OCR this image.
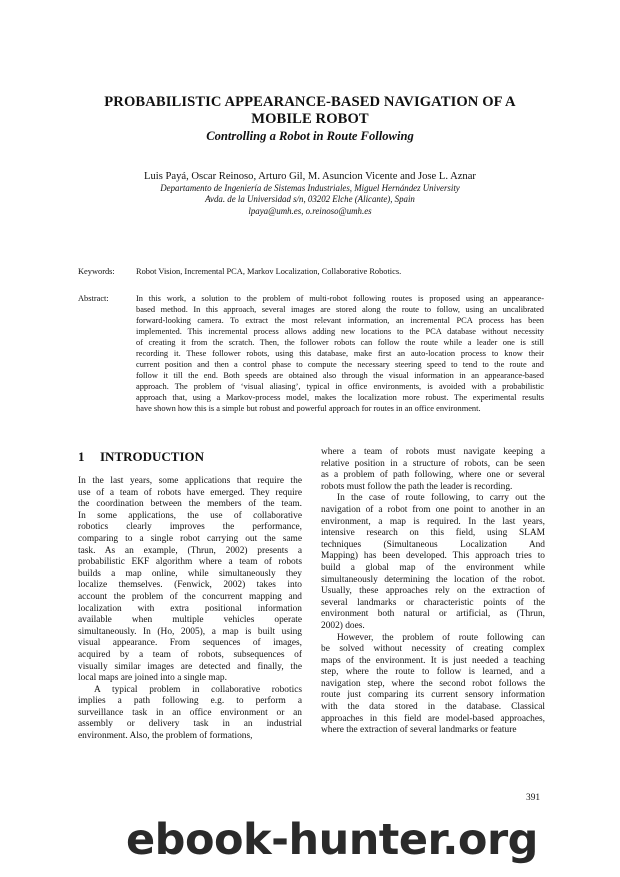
PROBABILISTIC APPEARANCE-BASED NAVIGATION OF A
MOBILE ROBOT
Controlling a Robot in Route Following
Luis Payá, Oscar Reinoso, Arturo Gil, M. Asuncion Vicente and Jose L. Aznar
Departamento de Ingeniería de Sistemas Industriales, Miguel Hernández University
Avda. de la Universidad s/n, 03202 Elche (Alicante), Spain
lpaya@umh.es, o.reinoso@umh.es
Keywords:	Robot Vision, Incremental PCA, Markov Localization, Collaborative Robotics.
Abstract:	In this work, a solution to the problem of multi-robot following routes is proposed using an appearance-
based method. In this approach, several images are stored along the route to follow, using an uncalibrated
forward-looking camera. To extract the most relevant information, an incremental PCA process has been
implemented. This incremental process allows adding new locations to the PCA database without necessity
of creating it from the scratch. Then, the follower robots can follow the route while a leader one is still
recording it. These follower robots, using this database, make first an auto-location process to know their
current position and then a control phase to compute the necessary steering speed to tend to the route and
follow it till the end. Both speeds are obtained also through the visual information in an appearance-based
approach. The problem of ‘visual aliasing’, typical in office environments, is avoided with a probabilistic
approach that, using a Markov-process model, makes the localization more robust. The experimental results
have shown how this is a simple but robust and powerful approach for routes in an office environment.
1 INTRODUCTION

In the last years, some applications that require the
use of a team of robots have emerged. They require
the coordination between the members of the team.
In some applications, the use of collaborative
robotics clearly improves the performance,
comparing to a single robot carrying out the same
task. As an example, (Thrun, 2002) presents a
probabilistic EKF algorithm where a team of robots
builds a map online, while simultaneously they
localize themselves. (Fenwick, 2002) takes into
account the problem of the concurrent mapping and
localization with extra positional information
available when multiple vehicles operate
simultaneously. In (Ho, 2005), a map is built using
visual appearance. From sequences of images,
acquired by a team of robots, subsequences of
visually similar images are detected and finally, the
local maps are joined into a single map.

A typical problem in collaborative robotics
implies a path following e.g. to perform a
surveillance task in an office environment or an
assembly or delivery task in an industrial
environment. Also, the problem of formations,

where a team of robots must navigate keeping a
relative position in a structure of robots, can be seen
as a problem of path following, where one or several
robots must follow the path the leader is recording.

In the case of route following, to carry out the
navigation of a robot from one point to another in an
environment, a map is required. In the last years,
intensive research on this field, using SLAM
techniques (Simultaneous Localization And
Mapping) has been developed. This approach tries to
build a global map of the environment while
simultaneously determining the location of the robot.
Usually, these approaches rely on the extraction of
several landmarks or characteristic points of the
environment both natural or artificial, as (Thrun,
2002) does.

However, the problem of route following can
be solved without necessity of creating complex
maps of the environment. It is just needed a teaching
step, where the route to follow is learned, and a
navigation step, where the second robot follows the
route just comparing its current sensory information
with the data stored in the database. Classical
approaches in this field are model-based approaches,
where the extraction of several landmarks or feature

391
ebook-hunter.org
